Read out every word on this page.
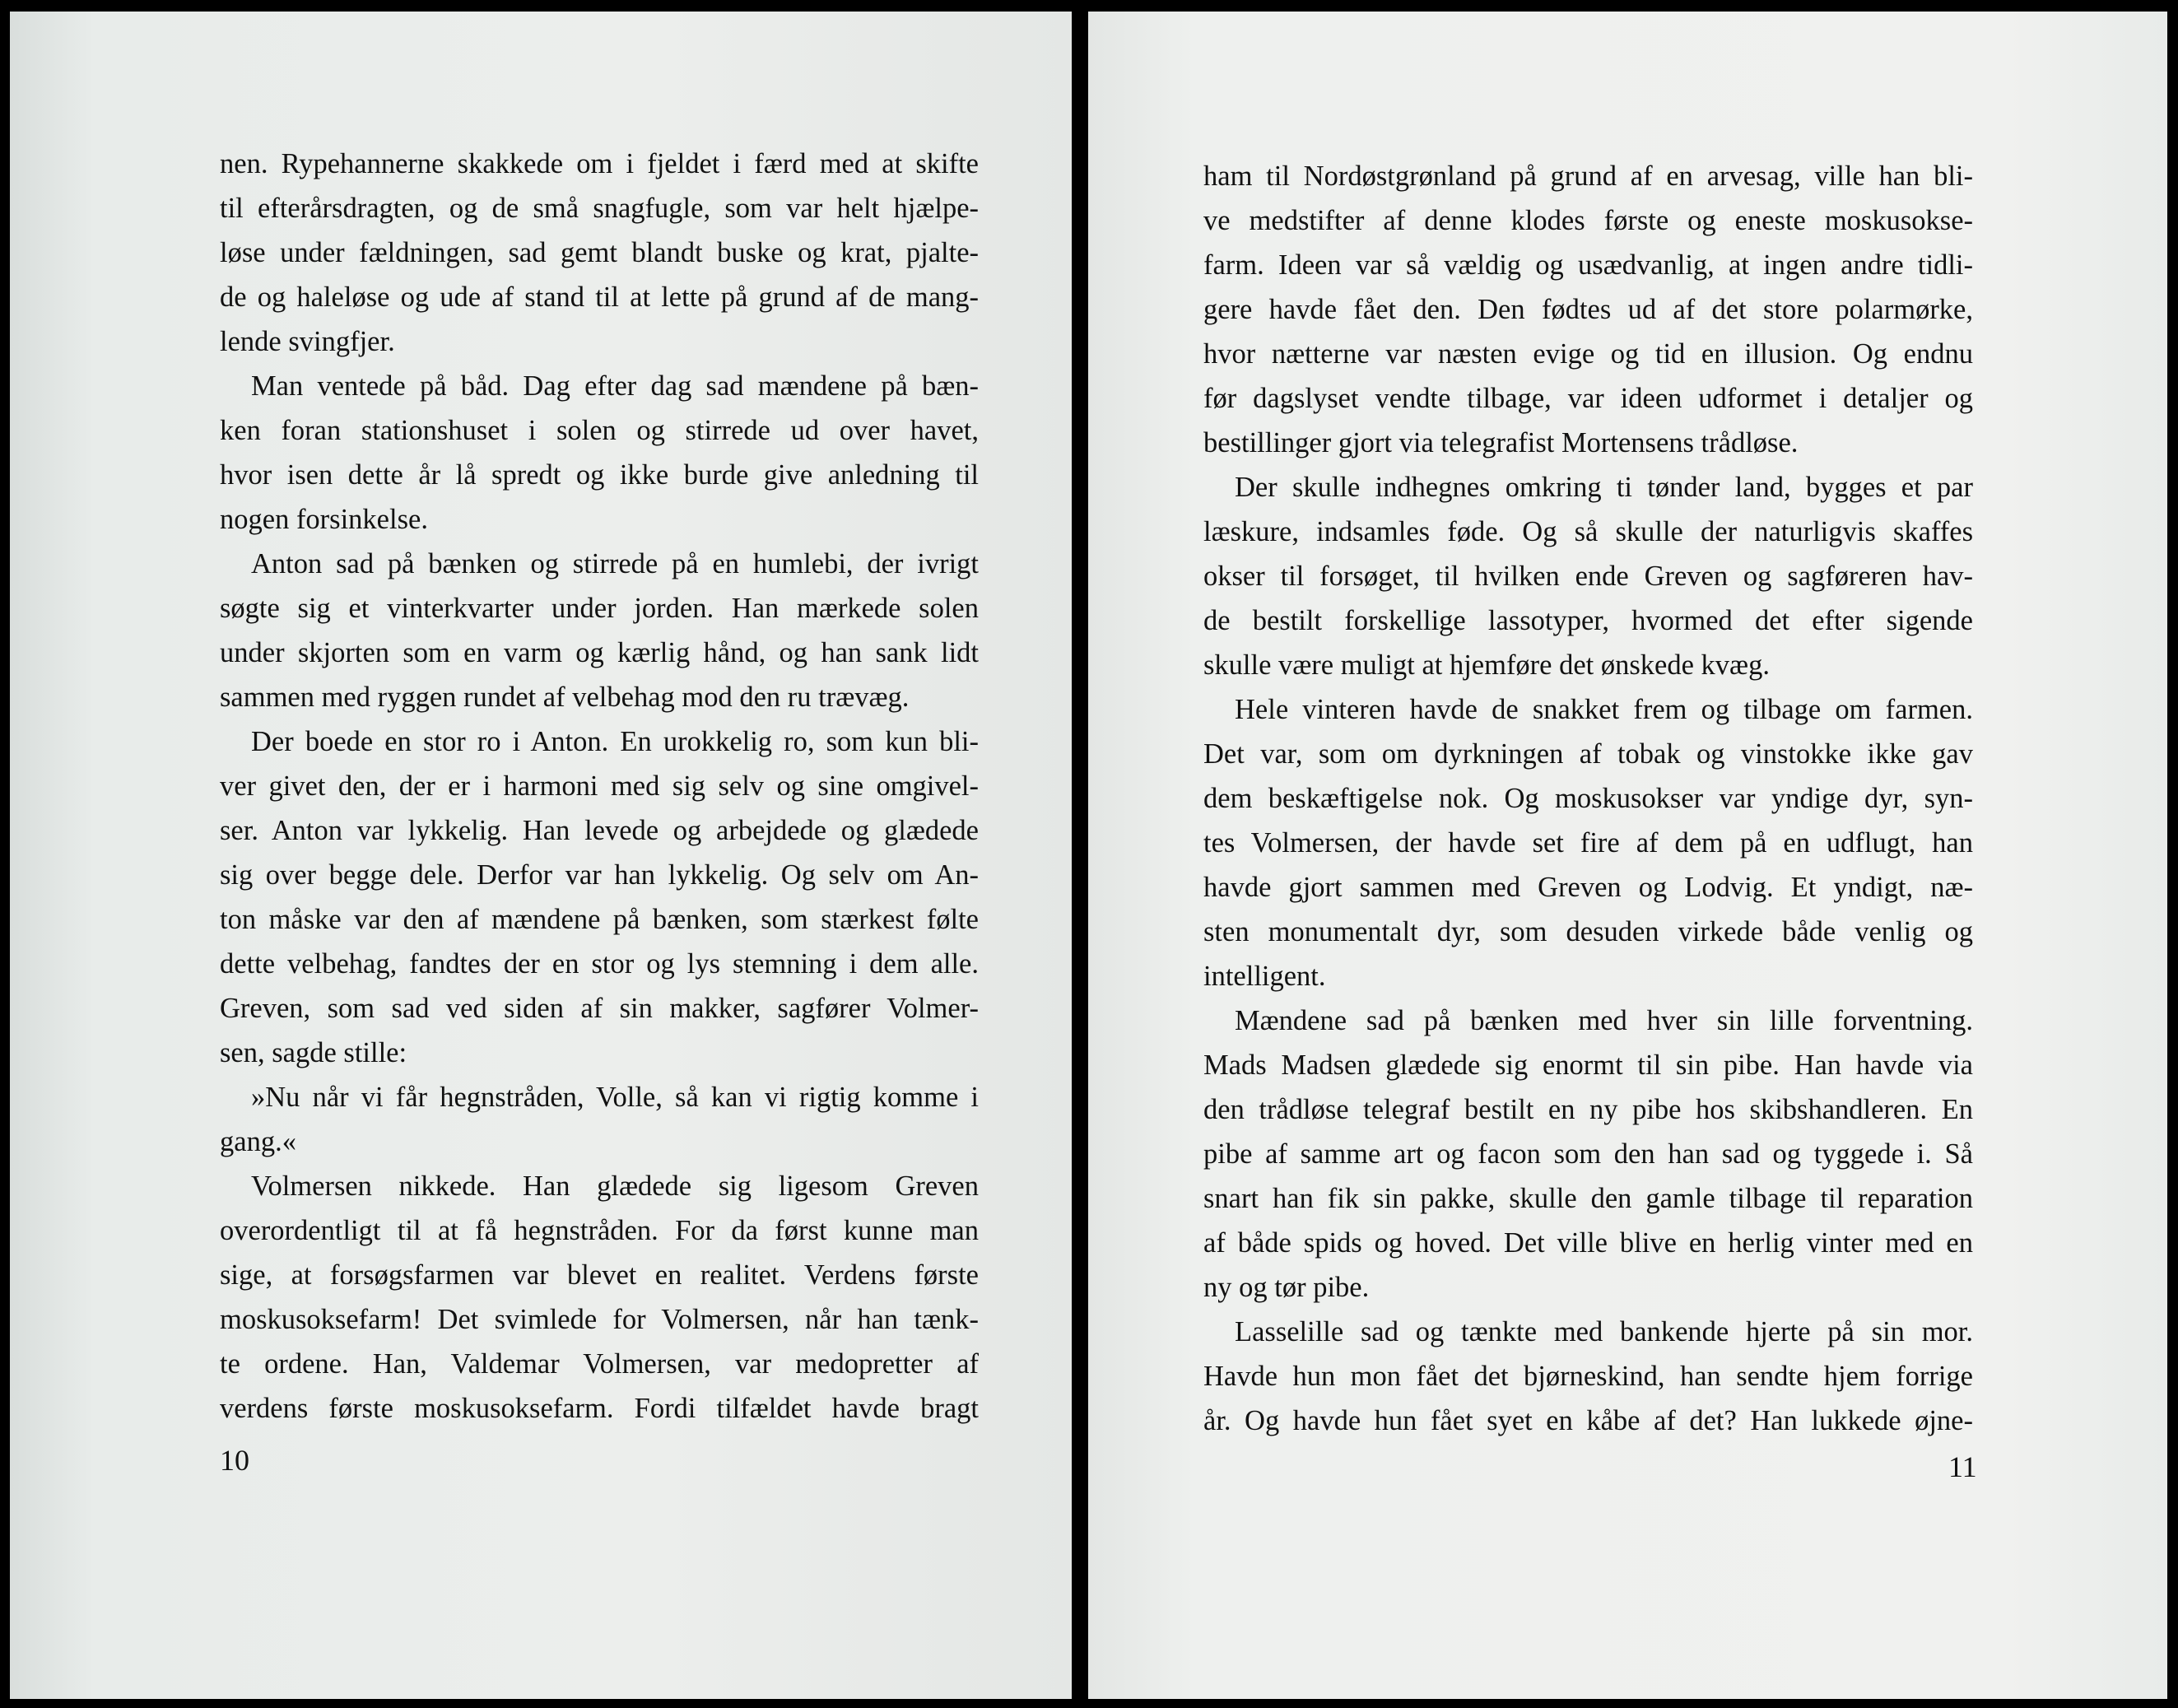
nen. Rypehannerne skakkede om i fjeldet i færd med at skifte
til efterårsdragten, og de små snagfugle, som var helt hjælpe-
løse under fældningen, sad gemt blandt buske og krat, pjalte-
de og haleløse og ude af stand til at lette på grund af de mang-
lende svingfjer.
Man ventede på båd. Dag efter dag sad mændene på bæn-
ken foran stationshuset i solen og stirrede ud over havet,
hvor isen dette år lå spredt og ikke burde give anledning til
nogen forsinkelse.
Anton sad på bænken og stirrede på en humlebi, der ivrigt
søgte sig et vinterkvarter under jorden. Han mærkede solen
under skjorten som en varm og kærlig hånd, og han sank lidt
sammen med ryggen rundet af velbehag mod den ru trævæg.
Der boede en stor ro i Anton. En urokkelig ro, som kun bli-
ver givet den, der er i harmoni med sig selv og sine omgivel-
ser. Anton var lykkelig. Han levede og arbejdede og glædede
sig over begge dele. Derfor var han lykkelig. Og selv om An-
ton måske var den af mændene på bænken, som stærkest følte
dette velbehag, fandtes der en stor og lys stemning i dem alle.
Greven, som sad ved siden af sin makker, sagfører Volmer-
sen, sagde stille:
»Nu når vi får hegnstråden, Volle, så kan vi rigtig komme i
gang.«
Volmersen nikkede. Han glædede sig ligesom Greven
overordentligt til at få hegnstråden. For da først kunne man
sige, at forsøgsfarmen var blevet en realitet. Verdens første
moskusoksefarm! Det svimlede for Volmersen, når han tænk-
te ordene. Han, Valdemar Volmersen, var medopretter af
verdens første moskusoksefarm. Fordi tilfældet havde bragt
10
ham til Nordøstgrønland på grund af en arvesag, ville han bli-
ve medstifter af denne klodes første og eneste moskusokse-
farm. Ideen var så vældig og usædvanlig, at ingen andre tidli-
gere havde fået den. Den fødtes ud af det store polarmørke,
hvor nætterne var næsten evige og tid en illusion. Og endnu
før dagslyset vendte tilbage, var ideen udformet i detaljer og
bestillinger gjort via telegrafist Mortensens trådløse.
Der skulle indhegnes omkring ti tønder land, bygges et par
læskure, indsamles føde. Og så skulle der naturligvis skaffes
okser til forsøget, til hvilken ende Greven og sagføreren hav-
de bestilt forskellige lassotyper, hvormed det efter sigende
skulle være muligt at hjemføre det ønskede kvæg.
Hele vinteren havde de snakket frem og tilbage om farmen.
Det var, som om dyrkningen af tobak og vinstokke ikke gav
dem beskæftigelse nok. Og moskusokser var yndige dyr, syn-
tes Volmersen, der havde set fire af dem på en udflugt, han
havde gjort sammen med Greven og Lodvig. Et yndigt, næ-
sten monumentalt dyr, som desuden virkede både venlig og
intelligent.
Mændene sad på bænken med hver sin lille forventning.
Mads Madsen glædede sig enormt til sin pibe. Han havde via
den trådløse telegraf bestilt en ny pibe hos skibshandleren. En
pibe af samme art og facon som den han sad og tyggede i. Så
snart han fik sin pakke, skulle den gamle tilbage til reparation
af både spids og hoved. Det ville blive en herlig vinter med en
ny og tør pibe.
Lasselille sad og tænkte med bankende hjerte på sin mor.
Havde hun mon fået det bjørneskind, han sendte hjem forrige
år. Og havde hun fået syet en kåbe af det? Han lukkede øjne-
11
